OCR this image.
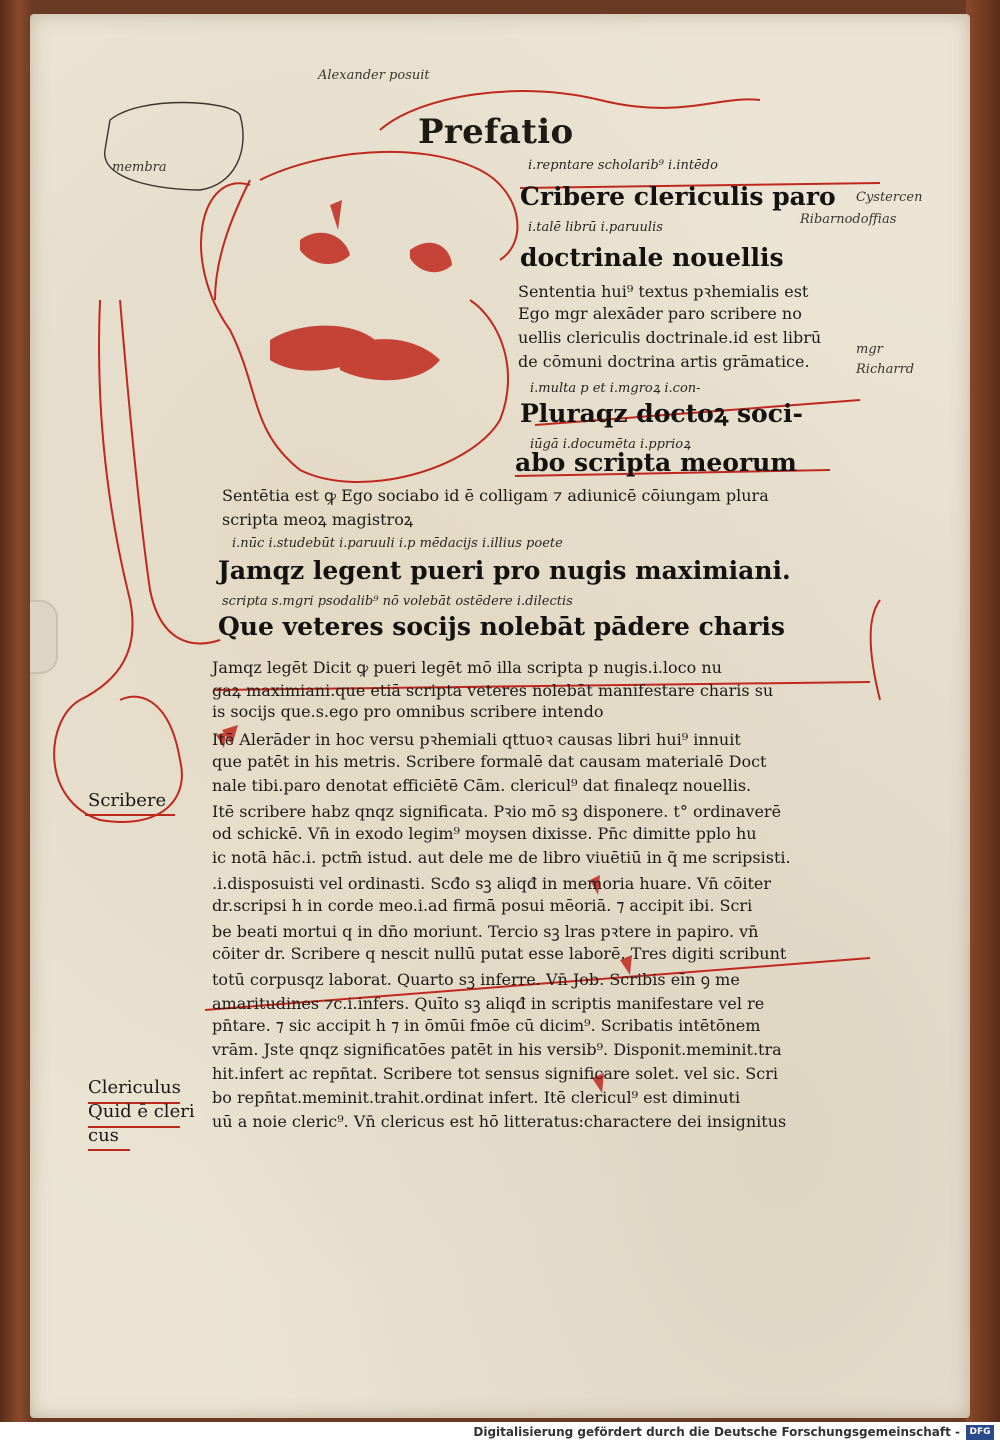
Alexander posuit
membra
Cystercen
Ribarnodoffias
mgr
Richarrd
Prefatio
i.repntare scholarib⁹ i.intēdo
Cribere clericulis paro
i.talē librū i.paruulis
doctrinale nouellis
Sententia hui⁹ textus pꝛhemialis est
Ego mgr alexāder paro scribere no
uellis clericulis doctrinale.id est librū
de cōmuni doctrina artis grāmatice.
i.multa p et i.mgroꝝ i.con-
Pluraqz doctoꝝ soci-
iūgā i.documēta i.pprioꝝ
abo scripta meorum
Sentētia est ꝙ Ego sociabo id ē colligam ⁊ adiunicē cōiungam plura
scripta meoꝝ magistroꝝ
i.nūc i.studebūt i.paruuli i.p mēdacijs i.illius poete
Jamqz legent pueri pro nugis maximiani.
scripta s.mgri psodalib⁹ nō volebāt ostēdere i.dilectis
Que veteres socijs nolebāt pādere charis
Jamqz legēt Dicit ꝙ pueri legēt mō illa scripta p nugis.i.loco nu
gaꝝ maximiani.que etiā scripta veteres nolebāt manifestare charis su
is socijs que.s.ego pro omnibus scribere intendo
Itē Alerāder in hoc versu pꝛhemiali qttuoꝛ causas libri hui⁹ innuit
que patēt in his metris. Scribere formalē dat causam materialē Doct
nale tibi.paro denotat efficiētē Cām. clericul⁹ dat finaleqz nouellis.
Itē scribere habz qnqz significata. Pꝛio mō sꝫ disponere. t° ordinaverē
od schickē. Vn̄ in exodo legim⁹ moysen dixisse. Pn̄c dimitte pplo hu
ic notā hāc.i. pctm̄ istud. aut dele me de libro viuētiū in q̄ me scripsisti.
.i.disposuisti vel ordinasti. Scđo sꝫ aliqđ in memoria huare. Vn̄ cōiter
dr.scripsi h in corde meo.i.ad firmā posui mēoriā. ⁊ accipit ibi. Scri
be beati mortui q in dn̄o moriunt. Tercio sꝫ lras pꝛtere in papiro. vn̄
cōiter dr. Scribere q nescit nullū putat esse laborē. Tres digiti scribunt
totū corpusqz laborat. Quarto sꝫ inferre. Vn̄ Job. Scribis eīn ꝯ me
amaritudines ⁊c.i.infers. Quīto sꝫ aliqđ in scriptis manifestare vel re
pn̄tare. ⁊ sic accipit h ⁊ in ōmūi fmōe cū dicim⁹. Scribatis intētōnem
vrām. Jste qnqz significatōes patēt in his versib⁹. Disponit.meminit.tra
hit.infert ac repn̄tat. Scribere tot sensus significare solet. vel sic. Scri
bo repn̄tat.meminit.trahit.ordinat infert. Itē clericul⁹ est diminuti
uū a noie cleric⁹. Vn̄ clericus est hō litteratus:charactere dei insignitus
Scribere
Clericulus
Quid ē cleri
cus
Digitalisierung gefördert durch die Deutsche Forschungsgemeinschaft -	DFG
